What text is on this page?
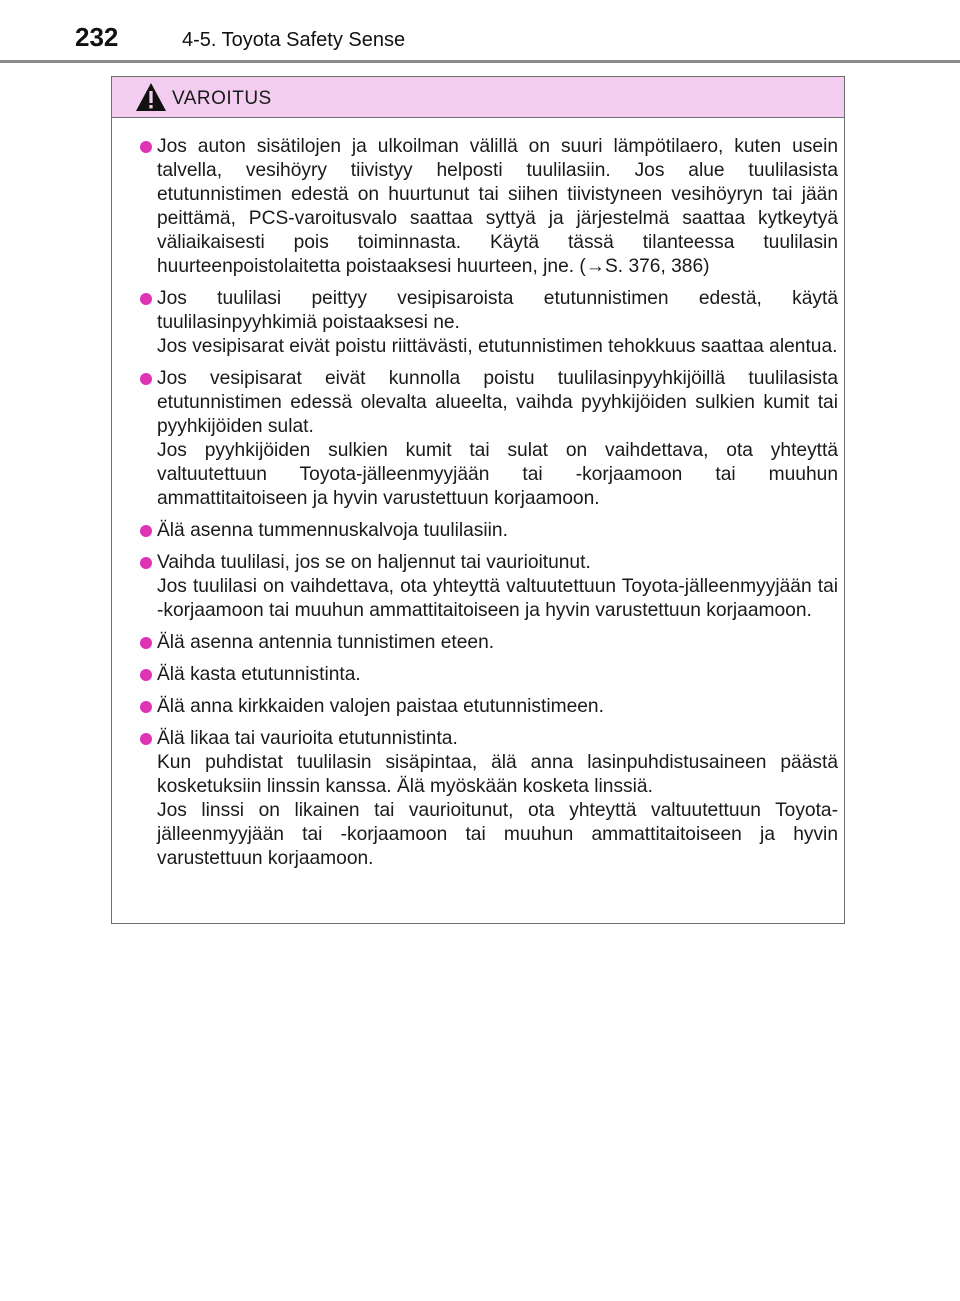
232	4-5. Toyota Safety Sense
VAROITUS

Jos auton sisätilojen ja ulkoilman välillä on suuri lämpötilaero, kuten usein talvella, vesihöyry tiivistyy helposti tuulilasiin. Jos alue tuulilasista etutunnistimen edestä on huurtunut tai siihen tiivistyneen vesihöyryn tai jään peittämä, PCS-varoitusvalo saattaa syttyä ja järjestelmä saattaa kytkeytyä väliaikaisesti pois toiminnasta. Käytä tässä tilanteessa tuulilasin huurteenpoistolaitetta poistaaksesi huurteen, jne. (→S. 376, 386)

Jos tuulilasi peittyy vesipisaroista etutunnistimen edestä, käytä tuulilasinpyyhkimiä poistaaksesi ne.

Jos vesipisarat eivät poistu riittävästi, etutunnistimen tehokkuus saattaa alentua.

Jos vesipisarat eivät kunnolla poistu tuulilasinpyyhkijöillä tuulilasista etutunnistimen edessä olevalta alueelta, vaihda pyyhkijöiden sulkien kumit tai pyyhkijöiden sulat.

Jos pyyhkijöiden sulkien kumit tai sulat on vaihdettava, ota yhteyttä valtuutettuun Toyota-jälleenmyyjään tai -korjaamoon tai muuhun ammattitaitoiseen ja hyvin varustettuun korjaamoon.

Älä asenna tummennuskalvoja tuulilasiin.

Vaihda tuulilasi, jos se on haljennut tai vaurioitunut.

Jos tuulilasi on vaihdettava, ota yhteyttä valtuutettuun Toyota-jälleenmyyjään tai -korjaamoon tai muuhun ammattitaitoiseen ja hyvin varustettuun korjaamoon.

Älä asenna antennia tunnistimen eteen.

Älä kasta etutunnistinta.

Älä anna kirkkaiden valojen paistaa etutunnistimeen.

Älä likaa tai vaurioita etutunnistinta.

Kun puhdistat tuulilasin sisäpintaa, älä anna lasinpuhdistusaineen päästä kosketuksiin linssin kanssa. Älä myöskään kosketa linssiä.

Jos linssi on likainen tai vaurioitunut, ota yhteyttä valtuutettuun Toyota-jälleenmyyjään tai -korjaamoon tai muuhun ammattitaitoiseen ja hyvin varustettuun korjaamoon.
